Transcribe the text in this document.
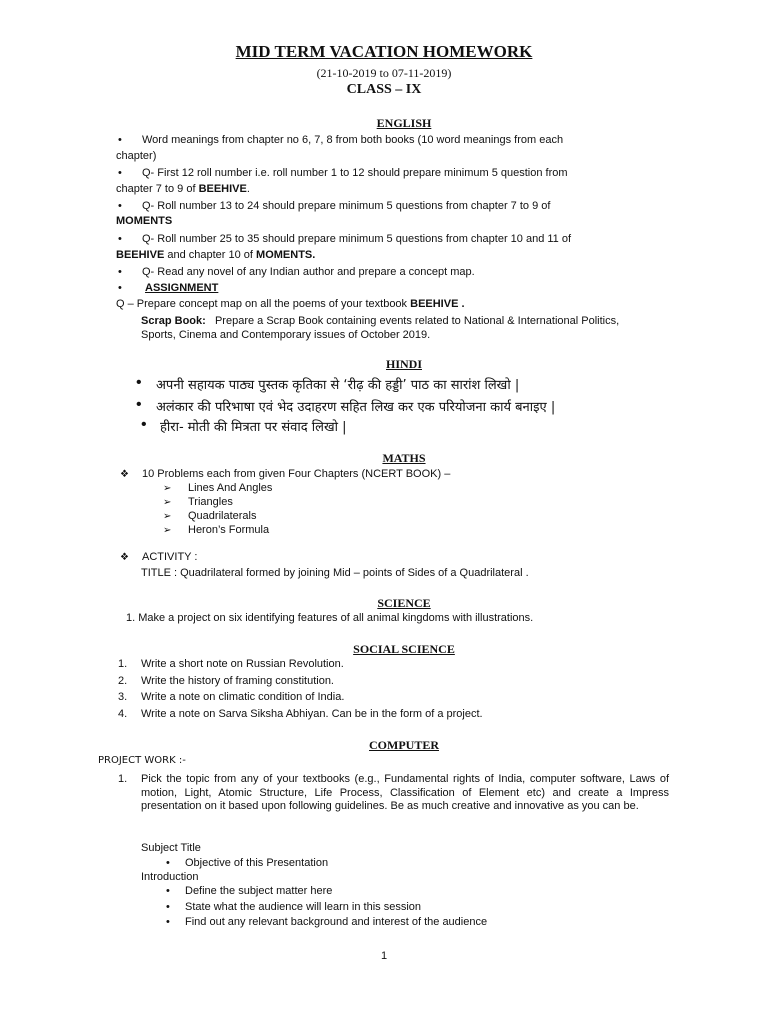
MID TERM VACATION HOMEWORK
(21-10-2019 to 07-11-2019)
CLASS – IX
ENGLISH
• Word meanings from chapter no 6, 7, 8 from both books (10 word meanings from each
chapter)
• Q- First 12 roll number i.e. roll number 1 to 12 should prepare minimum 5 question from
chapter 7 to 9 of BEEHIVE.
• Q- Roll number 13 to 24 should prepare minimum 5 questions from chapter 7 to 9 of
MOMENTS
• Q- Roll number 25 to 35 should prepare minimum 5 questions from chapter 10 and 11 of
BEEHIVE and chapter 10 of MOMENTS.
• Q- Read any novel of any Indian author and prepare a concept map.
• ASSIGNMENT
Q – Prepare concept map on all the poems of your textbook BEEHIVE .
Scrap Book: Prepare a Scrap Book containing events related to National & International Politics,
Sports, Cinema and Contemporary issues of October 2019.
HINDI
• अपनी सहायक पाठ्य पुस्तक कृतिका से ‘रीढ़ की हड्डी’ पाठ का सारांश लिखो |
• अलंकार की परिभाषा एवं भेद उदाहरण सहित लिख कर एक परियोजना कार्य बनाइए |
• हीरा- मोती की मित्रता पर संवाद लिखो |
MATHS
❖ 10 Problems each from given Four Chapters (NCERT BOOK) –
➢ Lines And Angles
➢ Triangles
➢ Quadrilaterals
➢ Heron’s Formula
❖ ACTIVITY :
TITLE : Quadrilateral formed by joining Mid – points of Sides of a Quadrilateral .
SCIENCE
1. Make a project on six identifying features of all animal kingdoms with illustrations.
SOCIAL SCIENCE
1. Write a short note on Russian Revolution.
2. Write the history of framing constitution.
3. Write a note on climatic condition of India.
4. Write a note on Sarva Siksha Abhiyan. Can be in the form of a project.
COMPUTER
PROJECT WORK :-
1. Pick the topic from any of your textbooks (e.g., Fundamental rights of India, computer software, Laws of motion, Light, Atomic Structure, Life Process, Classification of Element etc) and create a Impress presentation on it based upon following guidelines. Be as much creative and innovative as you can be.
Subject Title
• Objective of this Presentation
Introduction
• Define the subject matter here
• State what the audience will learn in this session
• Find out any relevant background and interest of the audience
1
